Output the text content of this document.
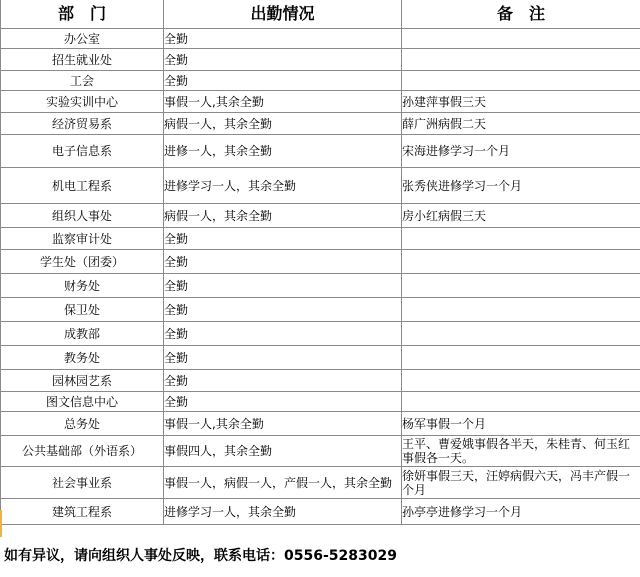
部　门	出勤情况	备　注
办公室	全勤	
招生就业处	全勤	
工会	全勤	
实验实训中心	事假一人,其余全勤	孙建萍事假三天
经济贸易系	病假一人，其余全勤	薛广洲病假二天
电子信息系	进修一人，其余全勤	宋海进修学习一个月
机电工程系	进修学习一人，其余全勤	张秀侠进修学习一个月
组织人事处	病假一人，其余全勤	房小红病假三天
监察审计处	全勤	
学生处（团委）	全勤	
财务处	全勤	
保卫处	全勤	
成教部	全勤	
教务处	全勤	
园林园艺系	全勤	
图文信息中心	全勤	
总务处	事假一人,其余全勤	杨军事假一个月
公共基础部（外语系）	事假四人，其余全勤	王平、曹爱娥事假各半天，朱桂青、何玉红事假各一天。
社会事业系	事假一人，病假一人，产假一人，其余全勤	徐妍事假三天，汪婷病假六天，冯丰产假一个月
建筑工程系	进修学习一人，其余全勤	孙亭亭进修学习一个月
如有异议，请向组织人事处反映，联系电话：0556-5283029
